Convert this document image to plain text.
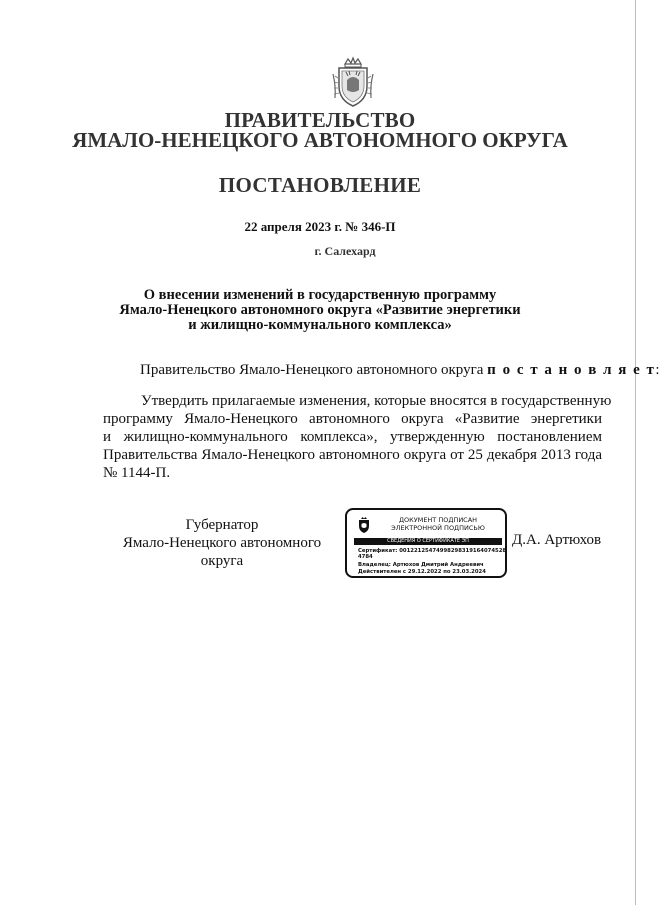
ПРАВИТЕЛЬСТВО
ЯМАЛО-НЕНЕЦКОГО АВТОНОМНОГО ОКРУГА
ПОСТАНОВЛЕНИЕ
22 апреля 2023 г. № 346-П
г. Салехард
О внесении изменений в государственную программу
Ямало-Ненецкого автономного округа «Развитие энергетики
и жилищно-коммунального комплекса»
Правительство Ямало-Ненецкого автономного округа п о с т а н о в л я е т:
Утвердить прилагаемые изменения, которые вносятся в государственную
программу Ямало-Ненецкого автономного округа «Развитие энергетики
и жилищно-коммунального комплекса», утвержденную постановлением
Правительства Ямало-Ненецкого автономного округа от 25 декабря 2013 года
№ 1144-П.
Губернатор
Ямало-Ненецкого автономного округа
ДОКУМЕНТ ПОДПИСАН
ЭЛЕКТРОННОЙ ПОДПИСЬЮ
СВЕДЕНИЯ О СЕРТИФИКАТЕ ЭП
Сертификат: 00122125474998298319164074528
4784
Владелец: Артюхов Дмитрий Андреевич
Действителен с 29.12.2022 по 23.03.2024
Д.А. Артюхов
